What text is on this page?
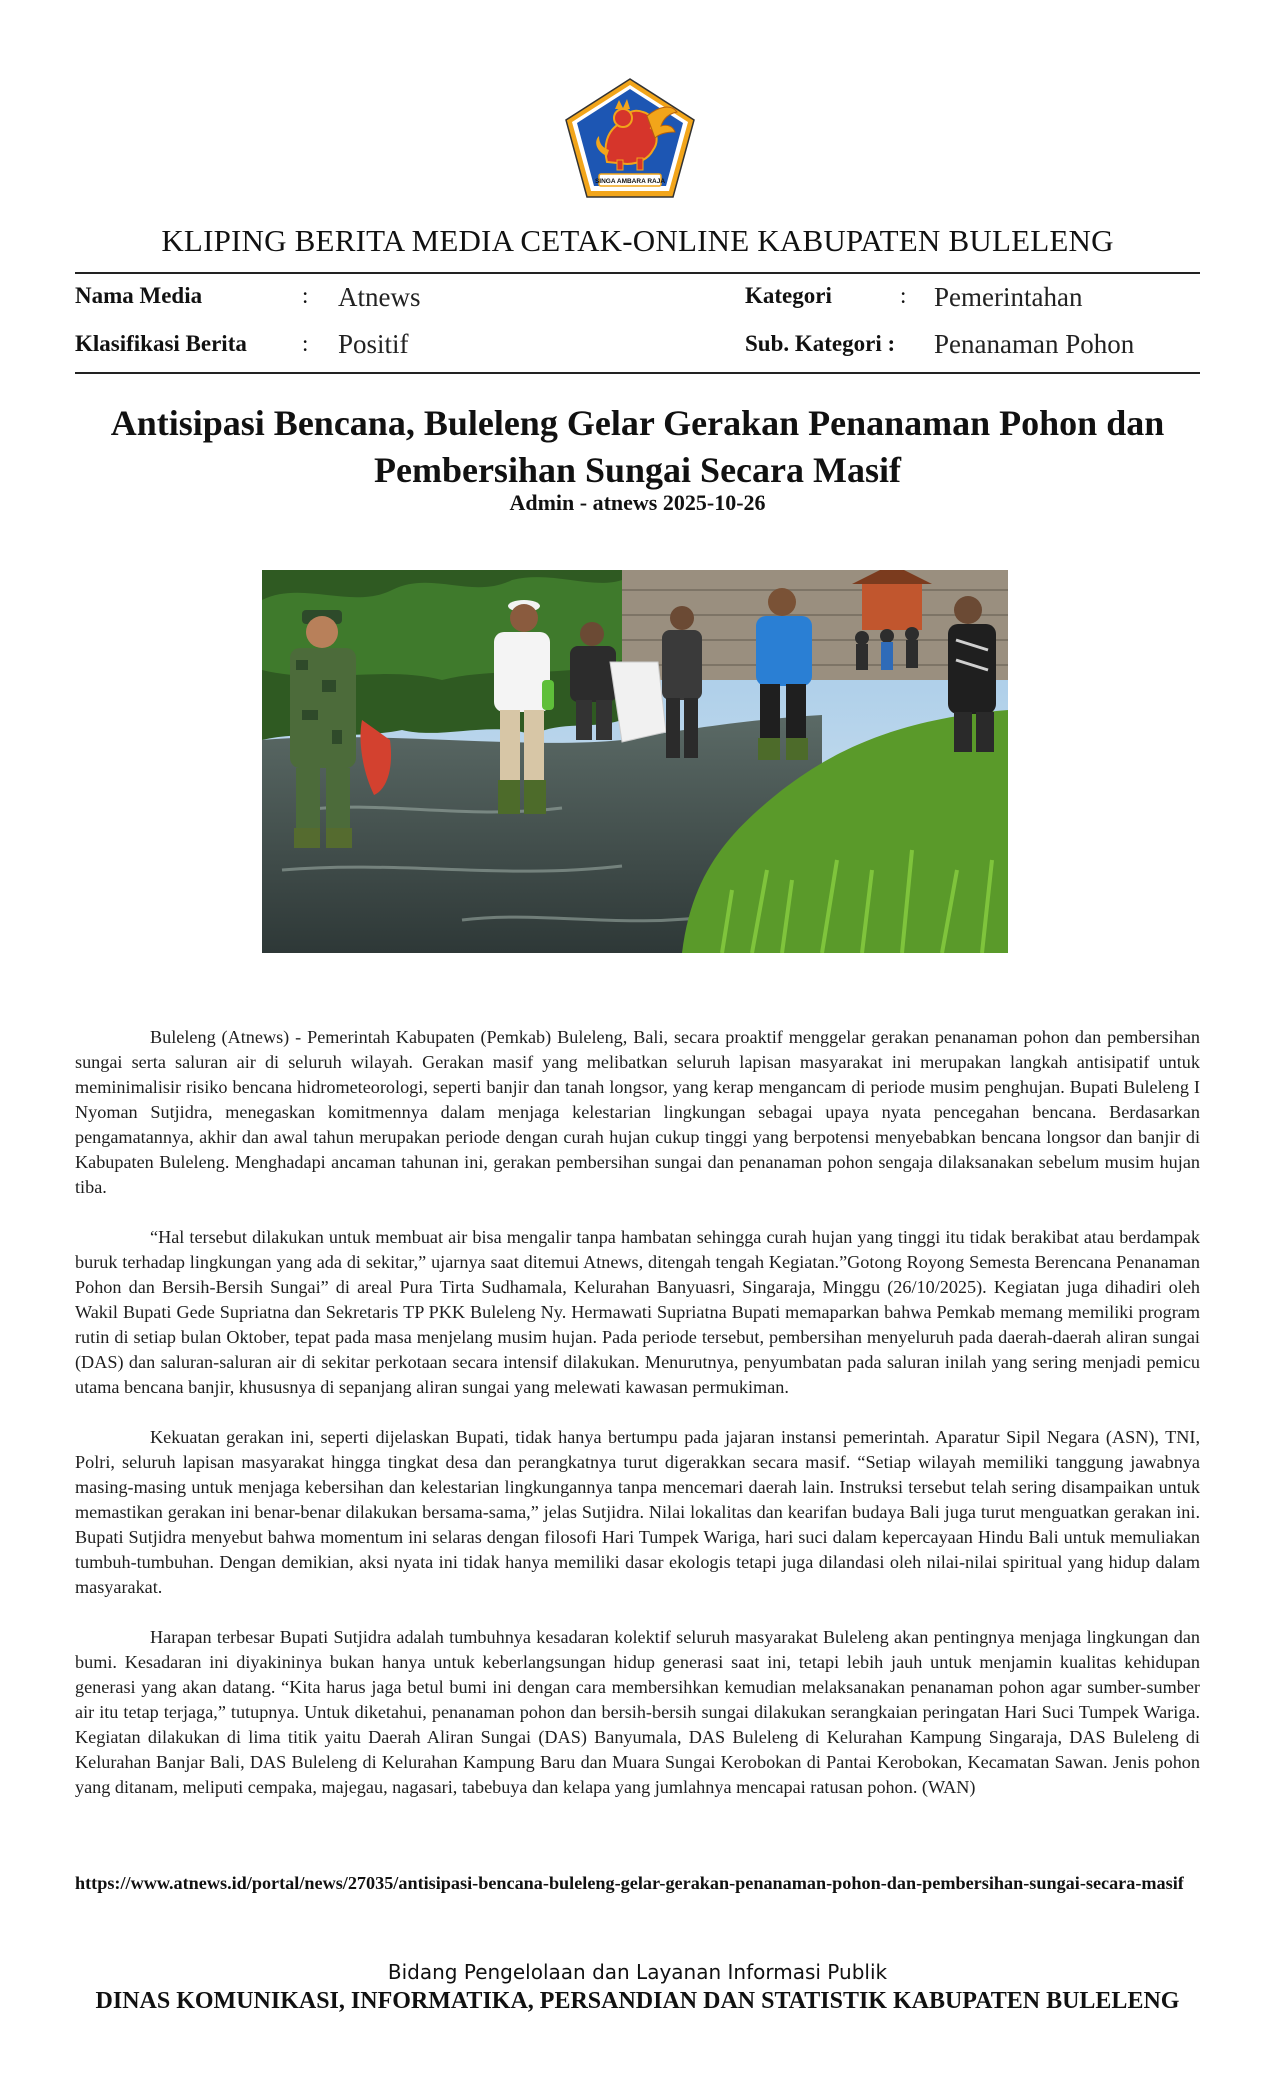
SINGA AMBARA RAJA
KLIPING BERITA MEDIA CETAK-ONLINE KABUPATEN BULELENG
Nama Media	: Atnews	Kategori	: Pemerintahan
Klasifikasi Berita : Positif	Sub. Kategori : Penanaman Pohon
Antisipasi Bencana, Buleleng Gelar Gerakan Penanaman Pohon dan
Pembersihan Sungai Secara Masif
Admin - atnews 2025-10-26

Buleleng (Atnews) - Pemerintah Kabupaten (Pemkab) Buleleng, Bali, secara proaktif menggelar gerakan penanaman pohon dan pembersihan sungai serta saluran air di seluruh wilayah. Gerakan masif yang melibatkan seluruh lapisan masyarakat ini merupakan langkah antisipatif untuk meminimalisir risiko bencana hidrometeorologi, seperti banjir dan tanah longsor, yang kerap mengancam di periode musim penghujan. Bupati Buleleng I Nyoman Sutjidra, menegaskan komitmennya dalam menjaga kelestarian lingkungan sebagai upaya nyata pencegahan bencana. Berdasarkan pengamatannya, akhir dan awal tahun merupakan periode dengan curah hujan cukup tinggi yang berpotensi menyebabkan bencana longsor dan banjir di Kabupaten Buleleng. Menghadapi ancaman tahunan ini, gerakan pembersihan sungai dan penanaman pohon sengaja dilaksanakan sebelum musim hujan tiba.

“Hal tersebut dilakukan untuk membuat air bisa mengalir tanpa hambatan sehingga curah hujan yang tinggi itu tidak berakibat atau berdampak buruk terhadap lingkungan yang ada di sekitar,” ujarnya saat ditemui Atnews, ditengah tengah Kegiatan.”Gotong Royong Semesta Berencana Penanaman Pohon dan Bersih-Bersih Sungai” di areal Pura Tirta Sudhamala, Kelurahan Banyuasri, Singaraja, Minggu (26/10/2025). Kegiatan juga dihadiri oleh Wakil Bupati Gede Supriatna dan Sekretaris TP PKK Buleleng Ny. Hermawati Supriatna Bupati memaparkan bahwa Pemkab memang memiliki program rutin di setiap bulan Oktober, tepat pada masa menjelang musim hujan. Pada periode tersebut, pembersihan menyeluruh pada daerah-daerah aliran sungai (DAS) dan saluran-saluran air di sekitar perkotaan secara intensif dilakukan. Menurutnya, penyumbatan pada saluran inilah yang sering menjadi pemicu utama bencana banjir, khususnya di sepanjang aliran sungai yang melewati kawasan permukiman.

Kekuatan gerakan ini, seperti dijelaskan Bupati, tidak hanya bertumpu pada jajaran instansi pemerintah. Aparatur Sipil Negara (ASN), TNI, Polri, seluruh lapisan masyarakat hingga tingkat desa dan perangkatnya turut digerakkan secara masif. “Setiap wilayah memiliki tanggung jawabnya masing-masing untuk menjaga kebersihan dan kelestarian lingkungannya tanpa mencemari daerah lain. Instruksi tersebut telah sering disampaikan untuk memastikan gerakan ini benar-benar dilakukan bersama-sama,” jelas Sutjidra. Nilai lokalitas dan kearifan budaya Bali juga turut menguatkan gerakan ini. Bupati Sutjidra menyebut bahwa momentum ini selaras dengan filosofi Hari Tumpek Wariga, hari suci dalam kepercayaan Hindu Bali untuk memuliakan tumbuh-tumbuhan. Dengan demikian, aksi nyata ini tidak hanya memiliki dasar ekologis tetapi juga dilandasi oleh nilai-nilai spiritual yang hidup dalam masyarakat.

Harapan terbesar Bupati Sutjidra adalah tumbuhnya kesadaran kolektif seluruh masyarakat Buleleng akan pentingnya menjaga lingkungan dan bumi. Kesadaran ini diyakininya bukan hanya untuk keberlangsungan hidup generasi saat ini, tetapi lebih jauh untuk menjamin kualitas kehidupan generasi yang akan datang. “Kita harus jaga betul bumi ini dengan cara membersihkan kemudian melaksanakan penanaman pohon agar sumber-sumber air itu tetap terjaga,” tutupnya. Untuk diketahui, penanaman pohon dan bersih-bersih sungai dilakukan serangkaian peringatan Hari Suci Tumpek Wariga. Kegiatan dilakukan di lima titik yaitu Daerah Aliran Sungai (DAS) Banyumala, DAS Buleleng di Kelurahan Kampung Singaraja, DAS Buleleng di Kelurahan Banjar Bali, DAS Buleleng di Kelurahan Kampung Baru dan Muara Sungai Kerobokan di Pantai Kerobokan, Kecamatan Sawan. Jenis pohon yang ditanam, meliputi cempaka, majegau, nagasari, tabebuya dan kelapa yang jumlahnya mencapai ratusan pohon. (WAN)

https://www.atnews.id/portal/news/27035/antisipasi-bencana-buleleng-gelar-gerakan-penanaman-pohon-dan-pembersihan-sungai-secara-masif
Bidang Pengelolaan dan Layanan Informasi Publik
DINAS KOMUNIKASI, INFORMATIKA, PERSANDIAN DAN STATISTIK KABUPATEN BULELENG
